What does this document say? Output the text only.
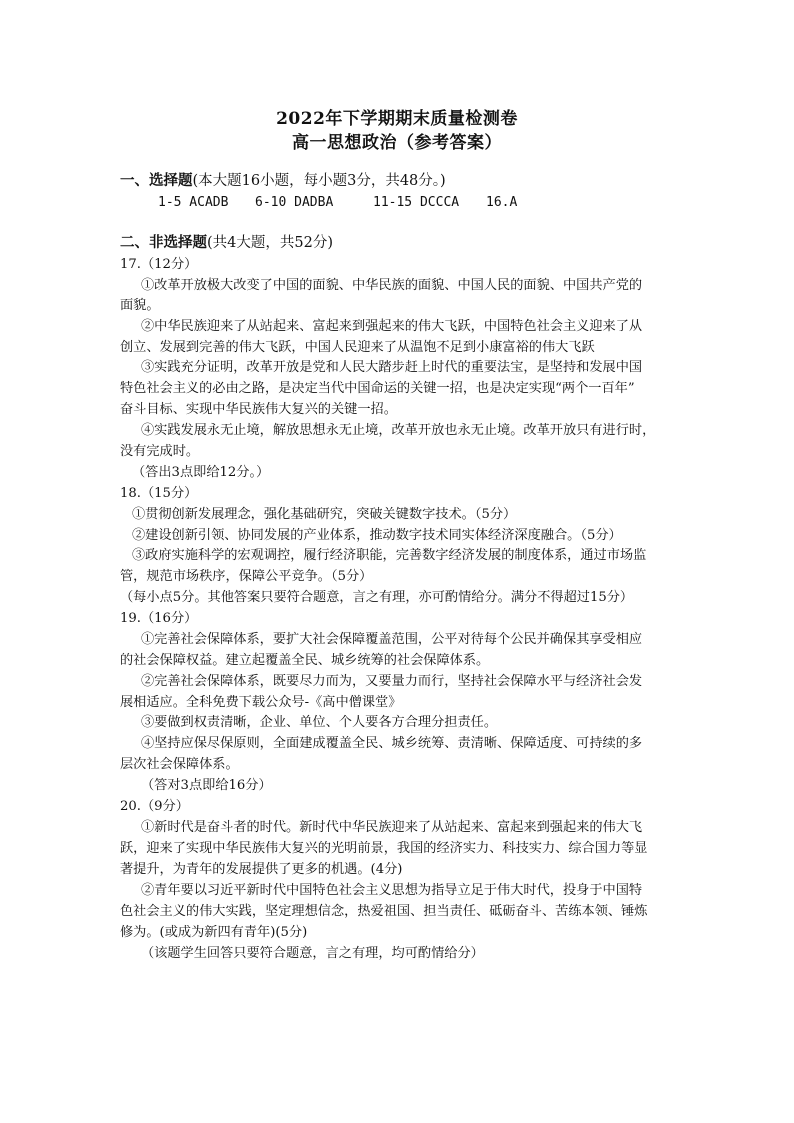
2022年下学期期末质量检测卷
高一思想政治（参考答案）
一、选择题(本大题16小题，每小题3分，共48分。)
1-5 ACADB 6-10 DADBA	11-15 DCCCA 16.A
二、非选择题(共4大题，共52分)
17.（12分）
①改革开放极大改变了中国的面貌、中华民族的面貌、中国人民的面貌、中国共产党的
面貌。
②中华民族迎来了从站起来、富起来到强起来的伟大飞跃，中国特色社会主义迎来了从
创立、发展到完善的伟大飞跃，中国人民迎来了从温饱不足到小康富裕的伟大飞跃
③实践充分证明，改革开放是党和人民大踏步赶上时代的重要法宝，是坚持和发展中国
特色社会主义的必由之路，是决定当代中国命运的关键一招，也是决定实现“两个一百年”
奋斗目标、实现中华民族伟大复兴的关键一招。
④实践发展永无止境，解放思想永无止境，改革开放也永无止境。改革开放只有进行时，
没有完成时。
（答出3点即给12分。）
18.（15分）
①贯彻创新发展理念，强化基础研究，突破关键数字技术。（5分）
②建设创新引领、协同发展的产业体系，推动数字技术同实体经济深度融合。（5分）
③政府实施科学的宏观调控，履行经济职能，完善数字经济发展的制度体系，通过市场监
管，规范市场秩序，保障公平竞争。（5分）
（每小点5分。其他答案只要符合题意，言之有理，亦可酌情给分。满分不得超过15分）
19.（16分）
①完善社会保障体系，要扩大社会保障覆盖范围，公平对待每个公民并确保其享受相应
的社会保障权益。建立起覆盖全民、城乡统筹的社会保障体系。
②完善社会保障体系，既要尽力而为，又要量力而行，坚持社会保障水平与经济社会发
展相适应。全科免费下载公众号-《高中僧课堂》
③要做到权责清晰，企业、单位、个人要各方合理分担责任。
④坚持应保尽保原则，全面建成覆盖全民、城乡统筹、责清晰、保障适度、可持续的多
层次社会保障体系。
（答对3点即给16分）
20.（9分）
①新时代是奋斗者的时代。新时代中华民族迎来了从站起来、富起来到强起来的伟大飞
跃，迎来了实现中华民族伟大复兴的光明前景，我国的经济实力、科技实力、综合国力等显
著提升，为青年的发展提供了更多的机遇。(4分)
②青年要以习近平新时代中国特色社会主义思想为指导立足于伟大时代，投身于中国特
色社会主义的伟大实践，坚定理想信念，热爱祖国、担当责任、砥砺奋斗、苦练本领、锤炼
修为。(或成为新四有青年)(5分)
（该题学生回答只要符合题意，言之有理，均可酌情给分）
